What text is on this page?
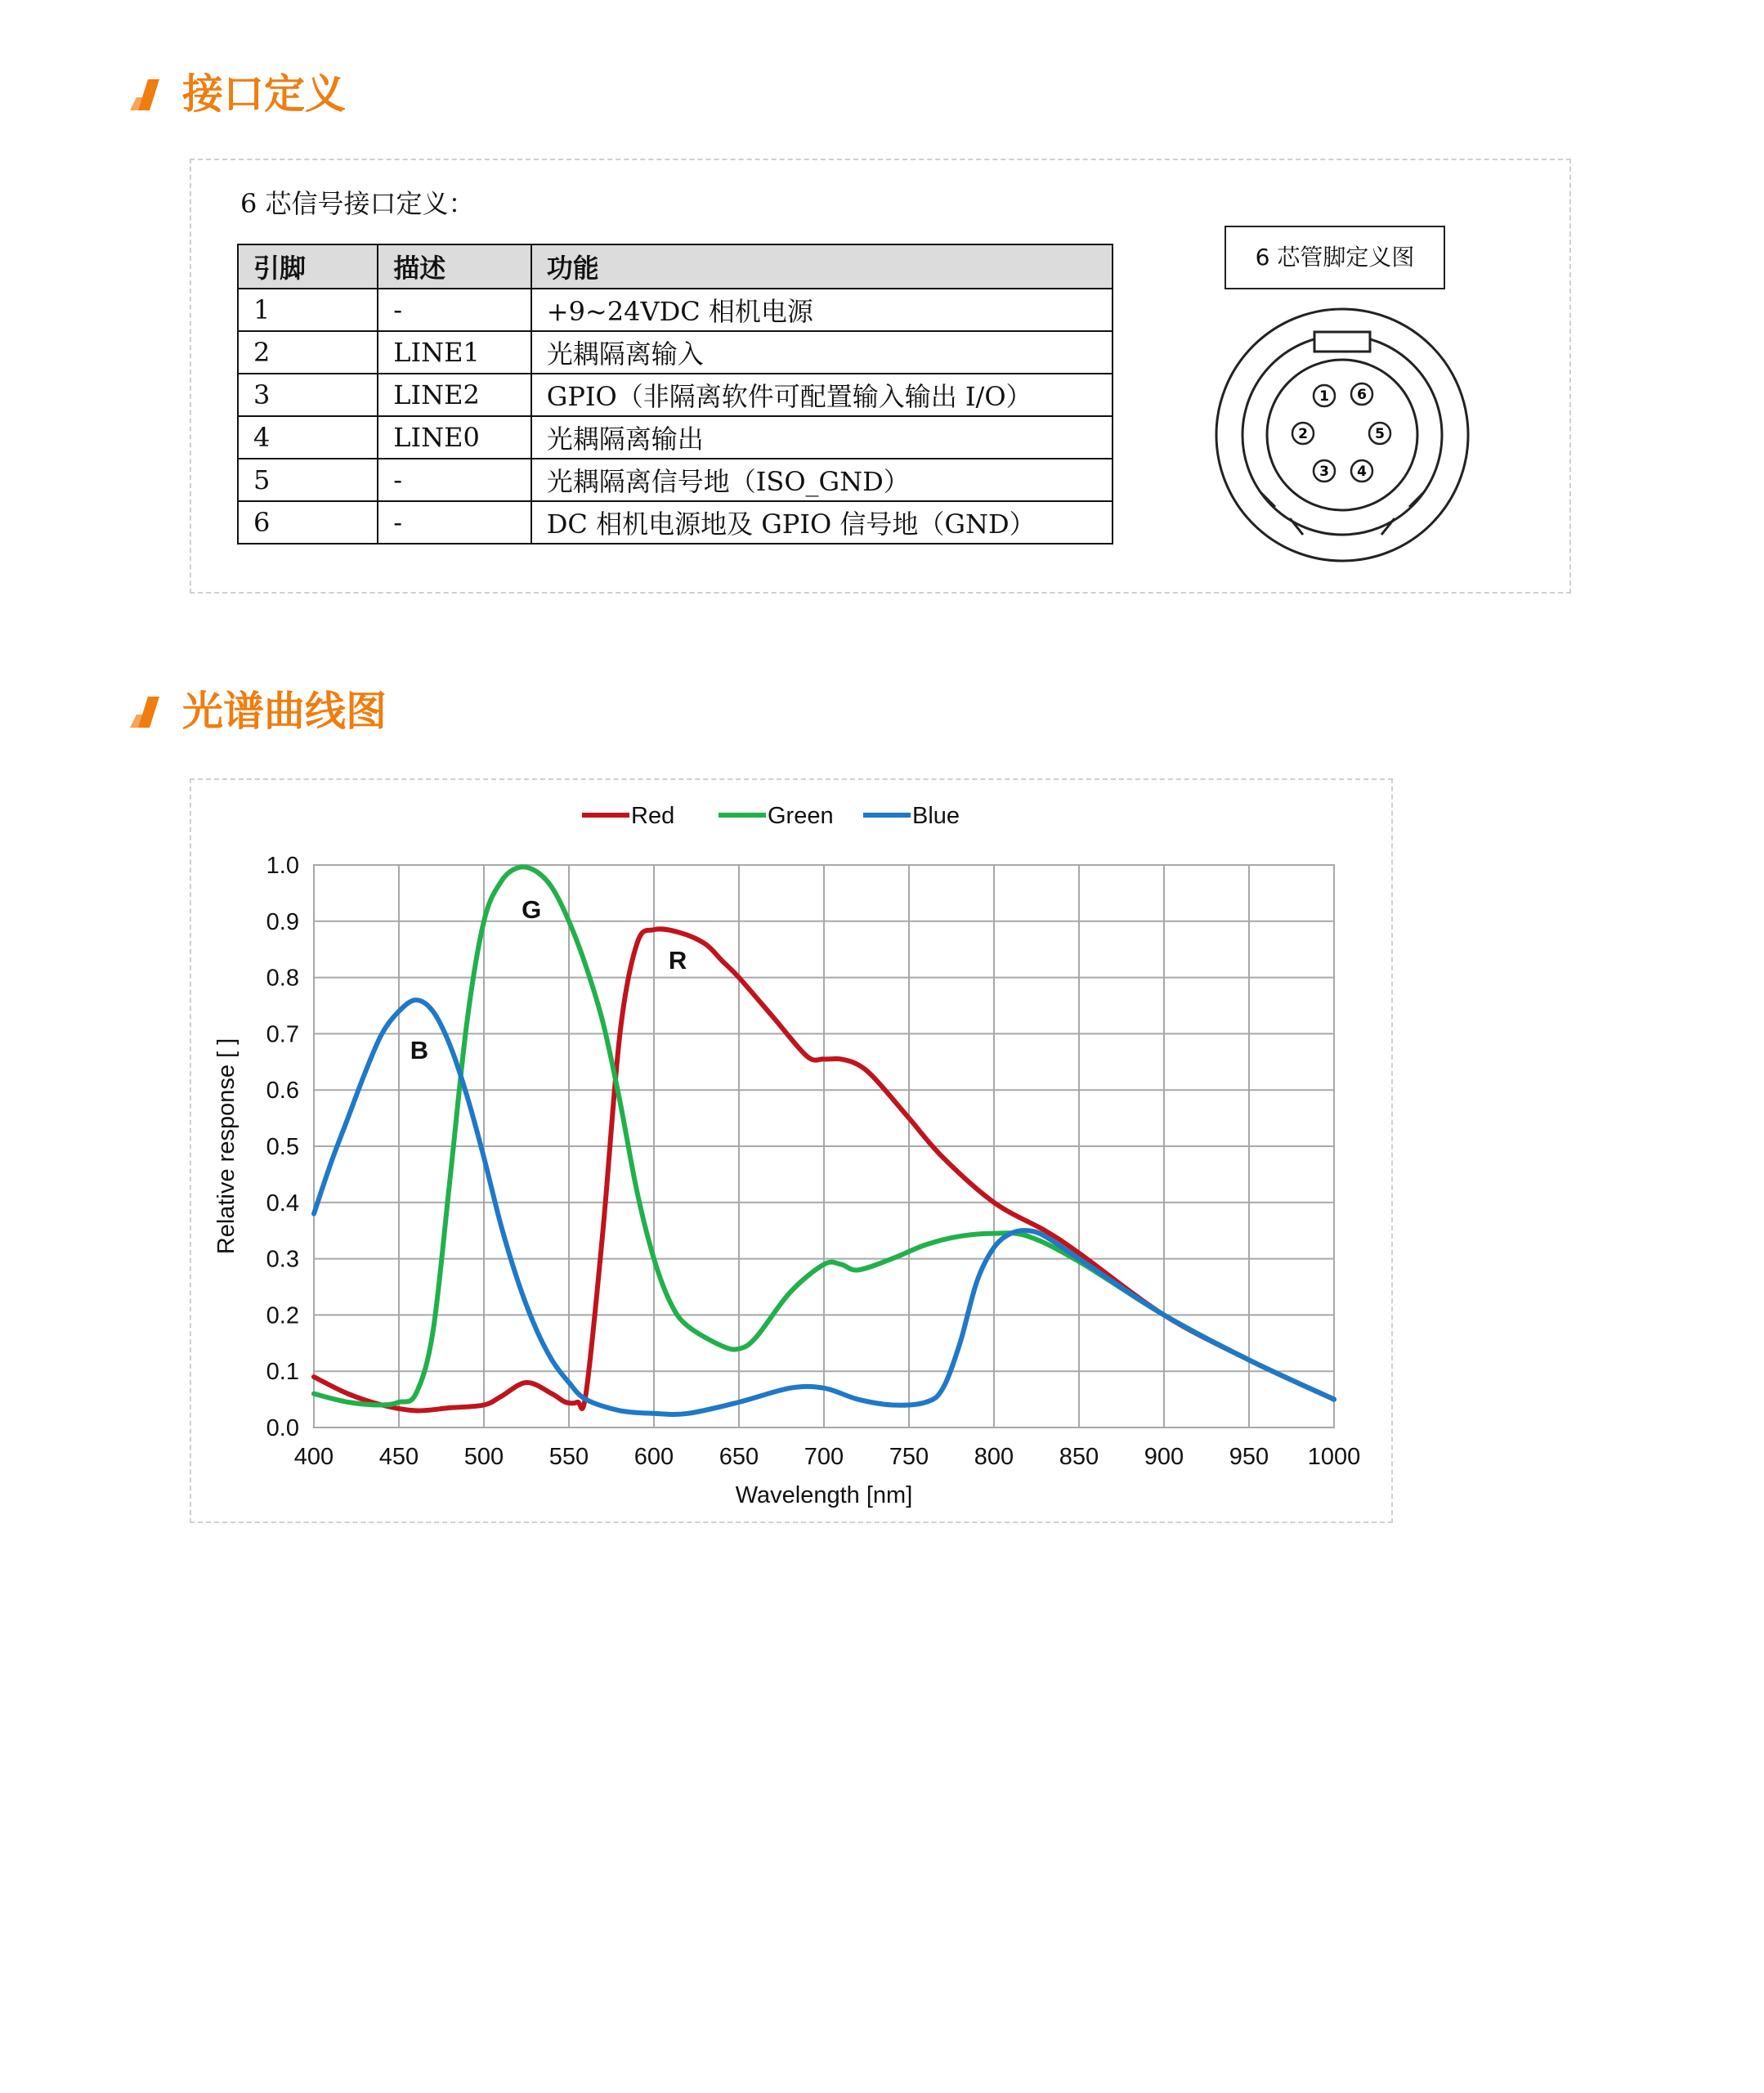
接口定义
6 芯信号接口定义：
引脚	描述	功能
1	-	+9~24VDC 相机电源
2	LINE1	光耦隔离输入
3	LINE2	GPIO（非隔离软件可配置输入输出 I/O）
4	LINE0	光耦隔离输出
5	-	光耦隔离信号地（ISO_GND）
6	-	DC 相机电源地及 GPIO 信号地（GND）
6 芯管脚定义图
1 6
2	5
3 4
光谱曲线图
400 450 500 550 600 650 700 750 800 850 900 950 1000
0.0
0.1
0.2
0.3
0.4
0.5
0.6
0.7
0.8
0.9
1.0
Wavelength [nm]
Relative response [ ]	B
G
R
Red	Green	Blue
